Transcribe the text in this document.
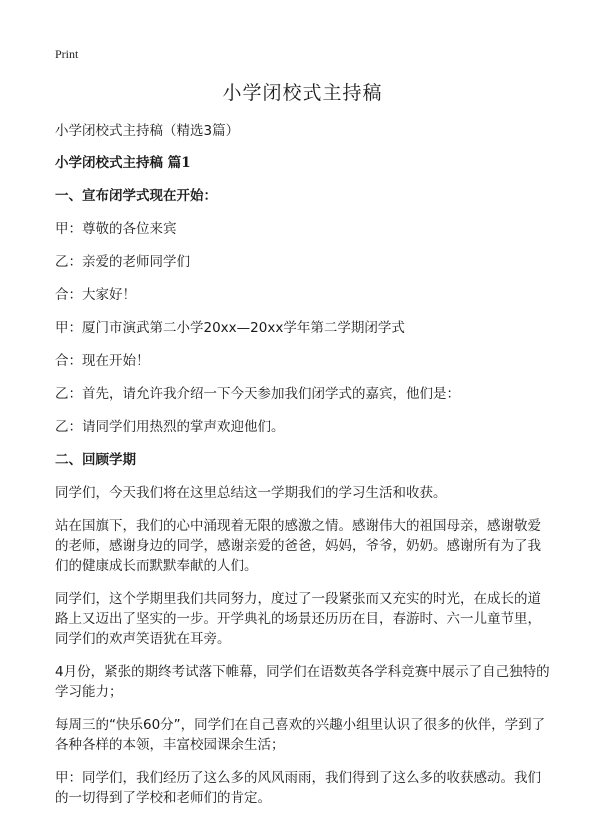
Print
小学闭校式主持稿

小学闭校式主持稿（精选3篇）

小学闭校式主持稿 篇1

一、宣布闭学式现在开始：

甲：尊敬的各位来宾

乙：亲爱的老师同学们

合：大家好！

甲：厦门市演武第二小学20xx—20xx学年第二学期闭学式

合：现在开始！

乙：首先，请允许我介绍一下今天参加我们闭学式的嘉宾，他们是：

乙：请同学们用热烈的掌声欢迎他们。

二、回顾学期

同学们，今天我们将在这里总结这一学期我们的学习生活和收获。

站在国旗下，我们的心中涌现着无限的感激之情。感谢伟大的祖国母亲，感谢敬爱的老师，感谢身边的同学，感谢亲爱的爸爸，妈妈，爷爷，奶奶。感谢所有为了我们的健康成长而默默奉献的人们。

同学们，这个学期里我们共同努力，度过了一段紧张而又充实的时光，在成长的道路上又迈出了坚实的一步。开学典礼的场景还历历在目，春游时、六一儿童节里，同学们的欢声笑语犹在耳旁。

4月份，紧张的期终考试落下帷幕，同学们在语数英各学科竞赛中展示了自己独特的学习能力；

每周三的“快乐60分”，同学们在自己喜欢的兴趣小组里认识了很多的伙伴，学到了各种各样的本领，丰富校园课余生活；

甲：同学们，我们经历了这么多的风风雨雨，我们得到了这么多的收获感动。我们的一切得到了学校和老师们的肯定。
